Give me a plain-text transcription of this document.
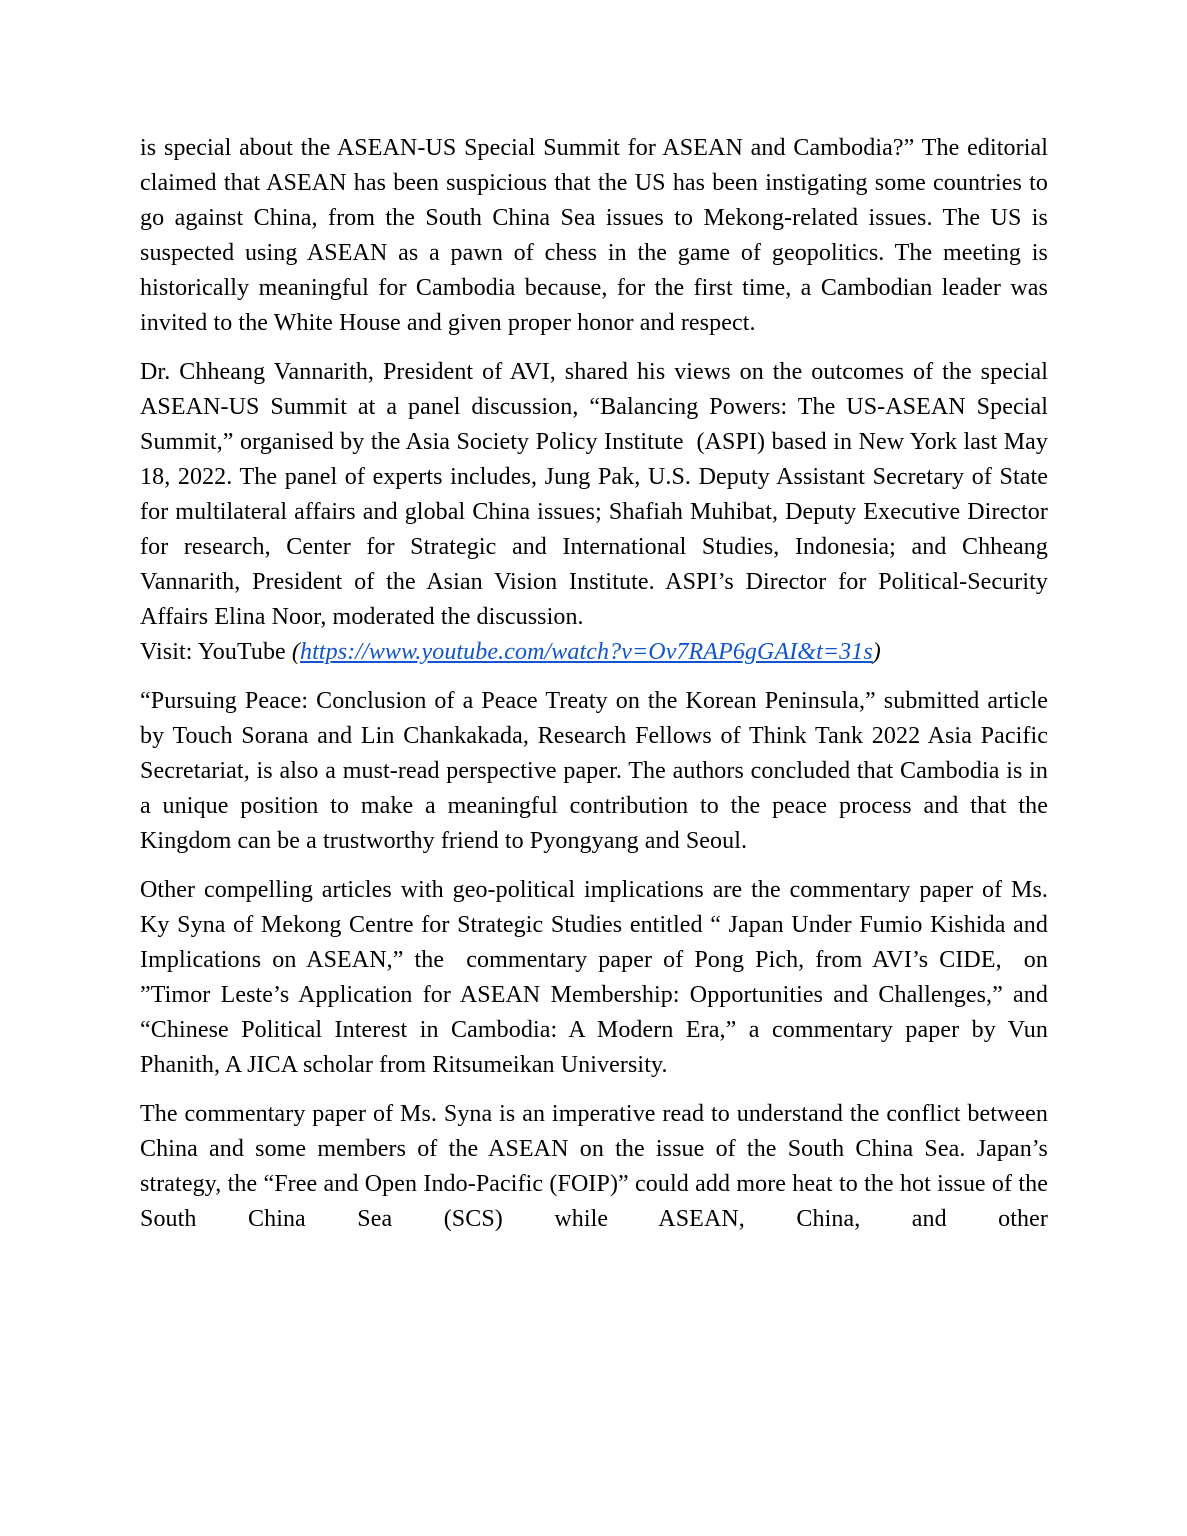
is special about the ASEAN-US Special Summit for ASEAN and Cambodia?” The editorial claimed that ASEAN has been suspicious that the US has been instigating some countries to go against China, from the South China Sea issues to Mekong-related issues. The US is suspected using ASEAN as a pawn of chess in the game of geopolitics. The meeting is historically meaningful for Cambodia because, for the first time, a Cambodian leader was invited to the White House and given proper honor and respect.

Dr. Chheang Vannarith, President of AVI, shared his views on the outcomes of the special ASEAN-US Summit at a panel discussion, “Balancing Powers: The US-ASEAN Special Summit,” organised by the Asia Society Policy Institute  (ASPI) based in New York last May 18, 2022. The panel of experts includes, Jung Pak, U.S. Deputy Assistant Secretary of State for multilateral affairs and global China issues; Shafiah Muhibat, Deputy Executive Director for research, Center for Strategic and International Studies, Indonesia; and Chheang Vannarith, President of the Asian Vision Institute. ASPI’s Director for Political-Security Affairs Elina Noor, moderated the discussion.
Visit: YouTube (https://www.youtube.com/watch?v=Ov7RAP6gGAI&t=31s)

“Pursuing Peace: Conclusion of a Peace Treaty on the Korean Peninsula,” submitted article by Touch Sorana and Lin Chankakada, Research Fellows of Think Tank 2022 Asia Pacific Secretariat, is also a must-read perspective paper. The authors concluded that Cambodia is in a unique position to make a meaningful contribution to the peace process and that the Kingdom can be a trustworthy friend to Pyongyang and Seoul.

Other compelling articles with geo-political implications are the commentary paper of Ms. Ky Syna of Mekong Centre for Strategic Studies entitled “ Japan Under Fumio Kishida and Implications on ASEAN,” the  commentary paper of Pong Pich, from AVI’s CIDE,  on ”Timor Leste’s Application for ASEAN Membership: Opportunities and Challenges,” and “Chinese Political Interest in Cambodia: A Modern Era,” a commentary paper by Vun Phanith, A JICA scholar from Ritsumeikan University.

The commentary paper of Ms. Syna is an imperative read to understand the conflict between China and some members of the ASEAN on the issue of the South China Sea. Japan’s strategy, the “Free and Open Indo-Pacific (FOIP)” could add more heat to the hot issue of the South China Sea (SCS) while ASEAN, China, and other
